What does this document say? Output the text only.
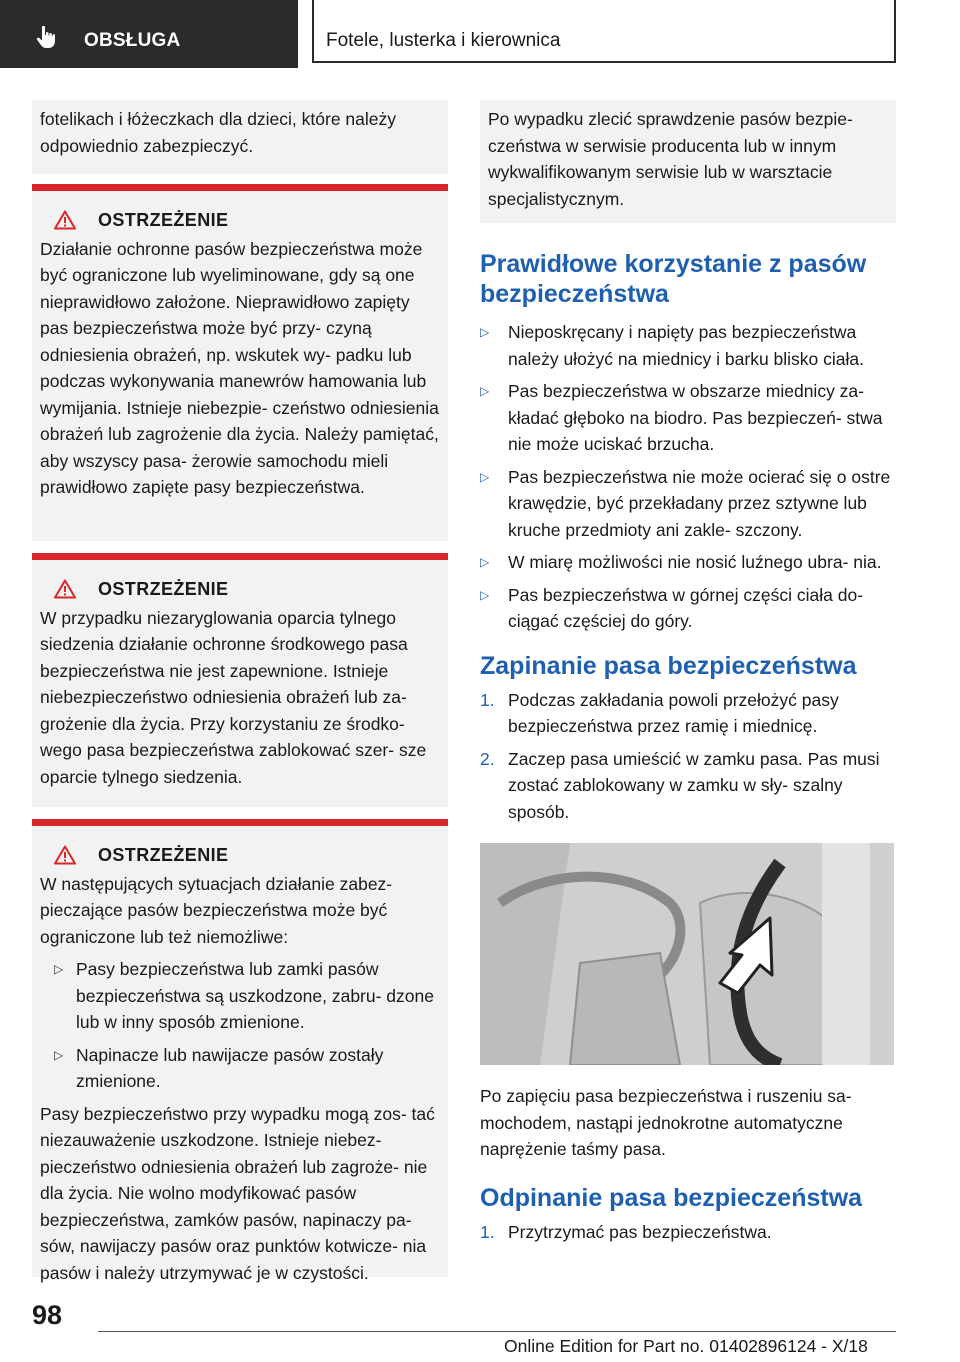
OBSŁUGA	Fotele, lusterka i kierownica
fotelikach i łóżeczkach dla dzieci, które należy odpowiednio zabezpieczyć.
OSTRZEŻENIE
Działanie ochronne pasów bezpieczeństwa może być ograniczone lub wyeliminowane, gdy są one nieprawidłowo założone. Nieprawidłowo zapięty pas bezpieczeństwa może być przy- czyną odniesienia obrażeń, np. wskutek wy- padku lub podczas wykonywania manewrów hamowania lub wymijania. Istnieje niebezpie- czeństwo odniesienia obrażeń lub zagrożenie dla życia. Należy pamiętać, aby wszyscy pasa- żerowie samochodu mieli prawidłowo zapięte pasy bezpieczeństwa.
OSTRZEŻENIE
W przypadku niezaryglowania oparcia tylnego siedzenia działanie ochronne środkowego pasa bezpieczeństwa nie jest zapewnione. Istnieje niebezpieczeństwo odniesienia obrażeń lub za- grożenie dla życia. Przy korzystaniu ze środko- wego pasa bezpieczeństwa zablokować szer- sze oparcie tylnego siedzenia.
OSTRZEŻENIE
W następujących sytuacjach działanie zabez- pieczające pasów bezpieczeństwa może być ograniczone lub też niemożliwe:
▷ Pasy bezpieczeństwa lub zamki pasów bezpieczeństwa są uszkodzone, zabru- dzone lub w inny sposób zmienione.
▷ Napinacze lub nawijacze pasów zostały zmienione.
Pasy bezpieczeństwo przy wypadku mogą zos- tać niezauważenie uszkodzone. Istnieje niebez- pieczeństwo odniesienia obrażeń lub zagroże- nie dla życia. Nie wolno modyfikować pasów bezpieczeństwa, zamków pasów, napinaczy pa- sów, nawijaczy pasów oraz punktów kotwicze- nia pasów i należy utrzymywać je w czystości.
Po wypadku zlecić sprawdzenie pasów bezpie- czeństwa w serwisie producenta lub w innym wykwalifikowanym serwisie lub w warsztacie specjalistycznym.
Prawidłowe korzystanie z pasów bezpieczeństwa
▷	Nieposkręcany i napięty pas bezpieczeństwa należy ułożyć na miednicy i barku blisko ciała.
▷	Pas bezpieczeństwa w obszarze miednicy za- kładać głęboko na biodro. Pas bezpieczeń- stwa nie może uciskać brzucha.
▷	Pas bezpieczeństwa nie może ocierać się o ostre krawędzie, być przekładany przez sztywne lub kruche przedmioty ani zakle- szczony.
▷	W miarę możliwości nie nosić luźnego ubra- nia.
▷	Pas bezpieczeństwa w górnej części ciała do- ciągać częściej do góry.
Zapinanie pasa bezpieczeństwa
1. Podczas zakładania powoli przełożyć pasy bezpieczeństwa przez ramię i miednicę.
2. Zaczep pasa umieścić w zamku pasa. Pas musi zostać zablokowany w zamku w sły- szalny sposób.
Po zapięciu pasa bezpieczeństwa i ruszeniu sa- mochodem, nastąpi jednokrotne automatyczne naprężenie taśmy pasa.
Odpinanie pasa bezpieczeństwa
1. Przytrzymać pas bezpieczeństwa.
98
Online Edition for Part no. 01402896124 - X/18
